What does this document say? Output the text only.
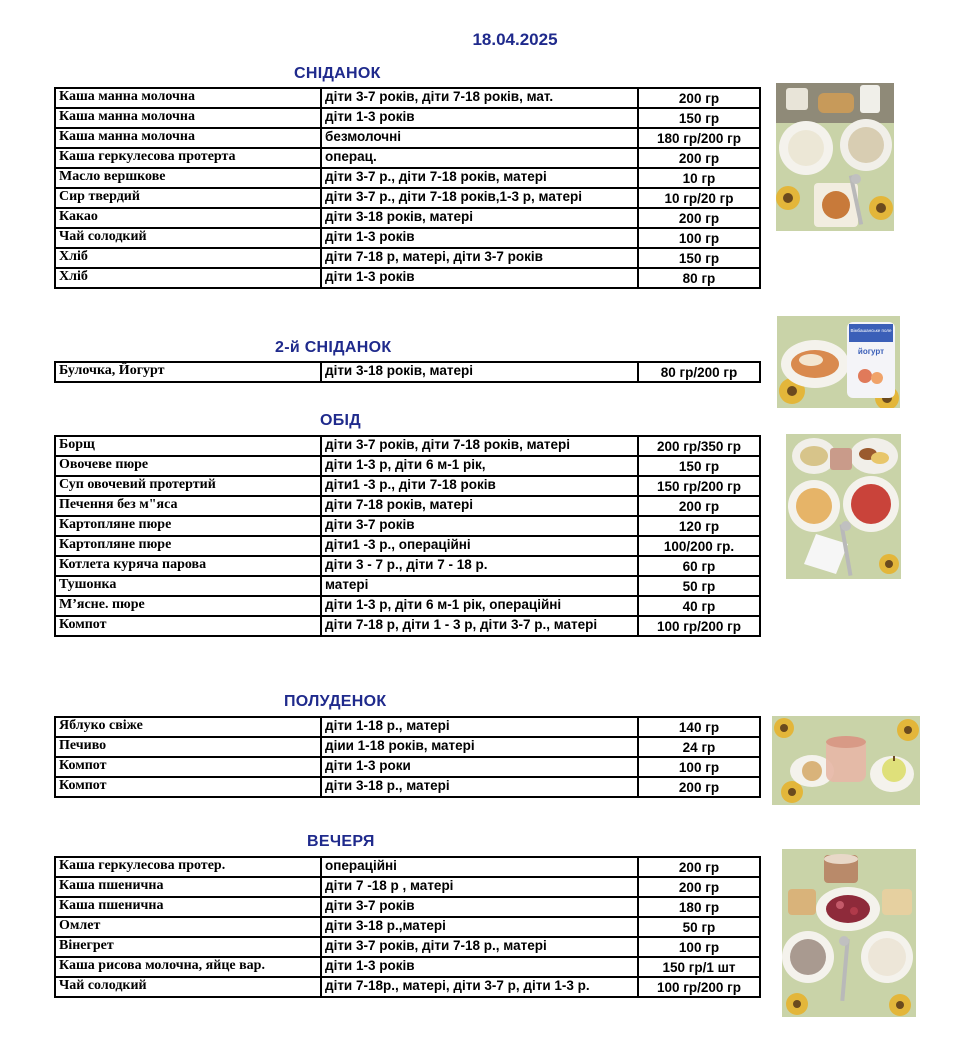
18.04.2025
СНІДАНОК
Каша манна молочна	діти 3-7 років, діти 7-18 років, мат.	200 гр
Каша манна молочна	діти 1-3 років	150 гр
Каша манна молочна	безмолочні	180 гр/200 гр
Каша геркулесова протерта	операц.	200 гр
Масло вершкове	діти 3-7 р., діти 7-18 років, матері	10 гр
Сир твердий	діти 3-7 р., діти 7-18 років,1-3 р, матері	10 гр/20 гр
Какао	діти 3-18 років, матері	200 гр
Чай солодкий	діти 1-3 років	100 гр
Хліб	діти 7-18 р, матері, діти 3-7 років	150 гр
Хліб	діти 1-3 років	80 гр
2-й СНІДАНОК
Булочка, Йогурт	діти 3-18 років, матері	80 гр/200 гр
ОБІД
Борщ	діти 3-7 років, діти 7-18 років, матері	200 гр/350 гр
Овочеве пюре	діти 1-3 р, діти 6 м-1 рік,	150 гр
Суп овочевий протертий	діти1 -3 р., діти 7-18 років	150 гр/200 гр
Печення без м"яса	діти 7-18 років, матері	200 гр
Картопляне пюре	діти 3-7 років	120 гр
Картопляне пюре	діти1 -3 р., операційні	100/200 гр.
Котлета куряча парова	діти 3 - 7 р., діти 7 - 18 р.	60 гр
Тушонка	матері	50 гр
М’ясне. пюре	діти 1-3 р, діти 6 м-1 рік, операційні	40 гр
Компот	діти 7-18 р, діти 1 - 3 р, діти 3-7 р., матері	100 гр/200 гр
ПОЛУДЕНОК
Яблуко свіже	діти 1-18 р., матері	140 гр
Печиво	діии 1-18 років, матері	24 гр
Компот	діти 1-3 роки	100 гр
Компот	діти 3-18 р., матері	200 гр
ВЕЧЕРЯ
Каша геркулесова протер.	операційні	200 гр
Каша пшенична	діти 7 -18 р , матері	200 гр
Каша пшенична	діти 3-7 років	180 гр
Омлет	діти 3-18 р.,матері	50 гр
Вінегрет	діти 3-7 років, діти 7-18 р., матері	100 гр
Каша рисова молочна, яйце вар.	діти 1-3 років	150 гр/1 шт
Чай солодкий	діти 7-18р., матері, діти 3-7 р, діти 1-3 р.	100 гр/200 гр
Вімбашанське поле
йогурт
